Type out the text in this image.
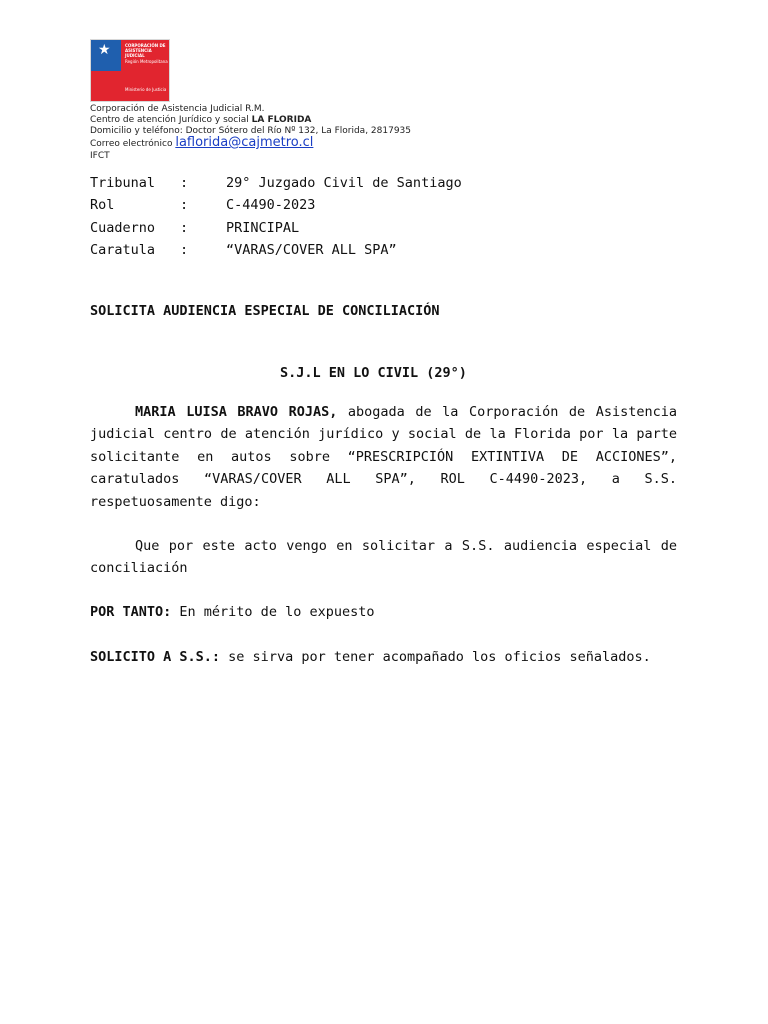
★	CORPORACIÓN DE ASISTENCIA JUDICIAL
Región Metropolitana
Ministerio de Justicia
Corporación de Asistencia Judicial R.M.
Centro de atención Jurídico y social LA FLORIDA
Domicilio y teléfono: Doctor Sótero del Río Nº 132, La Florida, 2817935
Correo electrónico laflorida@cajmetro.cl
IFCT
Tribunal :	29° Juzgado Civil de Santiago
Rol	:	C-4490-2023
Cuaderno :	PRINCIPAL
Caratula :	“VARAS/COVER ALL SPA”
SOLICITA AUDIENCIA ESPECIAL DE CONCILIACIÓN
S.J.L EN LO CIVIL (29°)

MARIA LUISA BRAVO ROJAS, abogada de la Corporación de Asistencia judicial centro de atención jurídico y social de la Florida por la parte solicitante en autos sobre “PRESCRIPCIÓN EXTINTIVA DE ACCIONES”, caratulados “VARAS/COVER ALL SPA”, ROL C-4490-2023, a S.S. respetuosamente digo:

Que por este acto vengo en solicitar a S.S. audiencia especial de conciliación

POR TANTO: En mérito de lo expuesto

SOLICITO A S.S.: se sirva por tener acompañado los oficios señalados.
